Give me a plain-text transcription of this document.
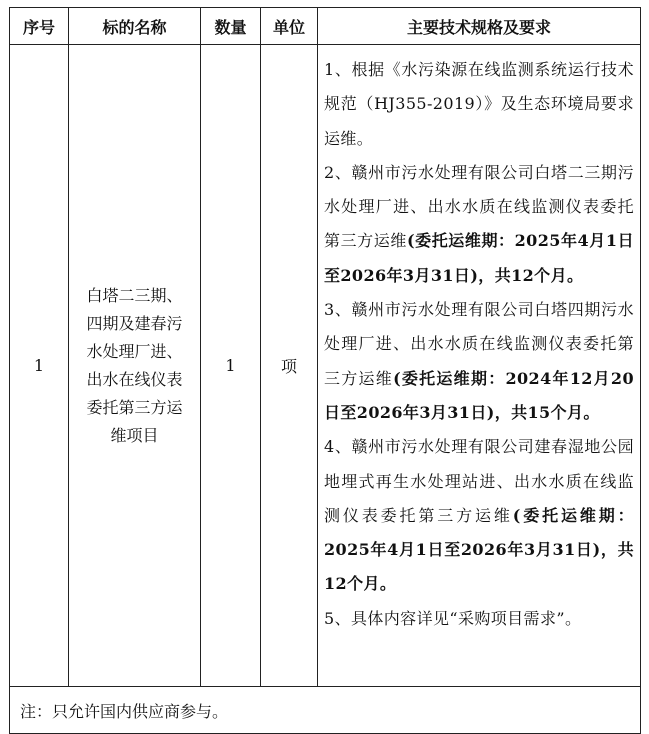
序号	标的名称	数量	单位	主要技术规格及要求
1	白塔二三期、四期及建春污水处理厂进、出水在线仪表委托第三方运维项目	1	项	1、根据《水污染源在线监测系统运行技术规范（HJ355-2019）》及生态环境局要求运维。

2、赣州市污水处理有限公司白塔二三期污水处理厂进、出水水质在线监测仪表委托第三方运维(委托运维期：2025年4月1日至2026年3月31日)，共12个月。

3、赣州市污水处理有限公司白塔四期污水处理厂进、出水水质在线监测仪表委托第三方运维(委托运维期：2024年12月20日至2026年3月31日)，共15个月。

4、赣州市污水处理有限公司建春湿地公园地埋式再生水处理站进、出水水质在线监测仪表委托第三方运维(委托运维期：2025年4月1日至2026年3月31日)，共12个月。

5、具体内容详见“采购项目需求”。

注：只允许国内供应商参与。				
